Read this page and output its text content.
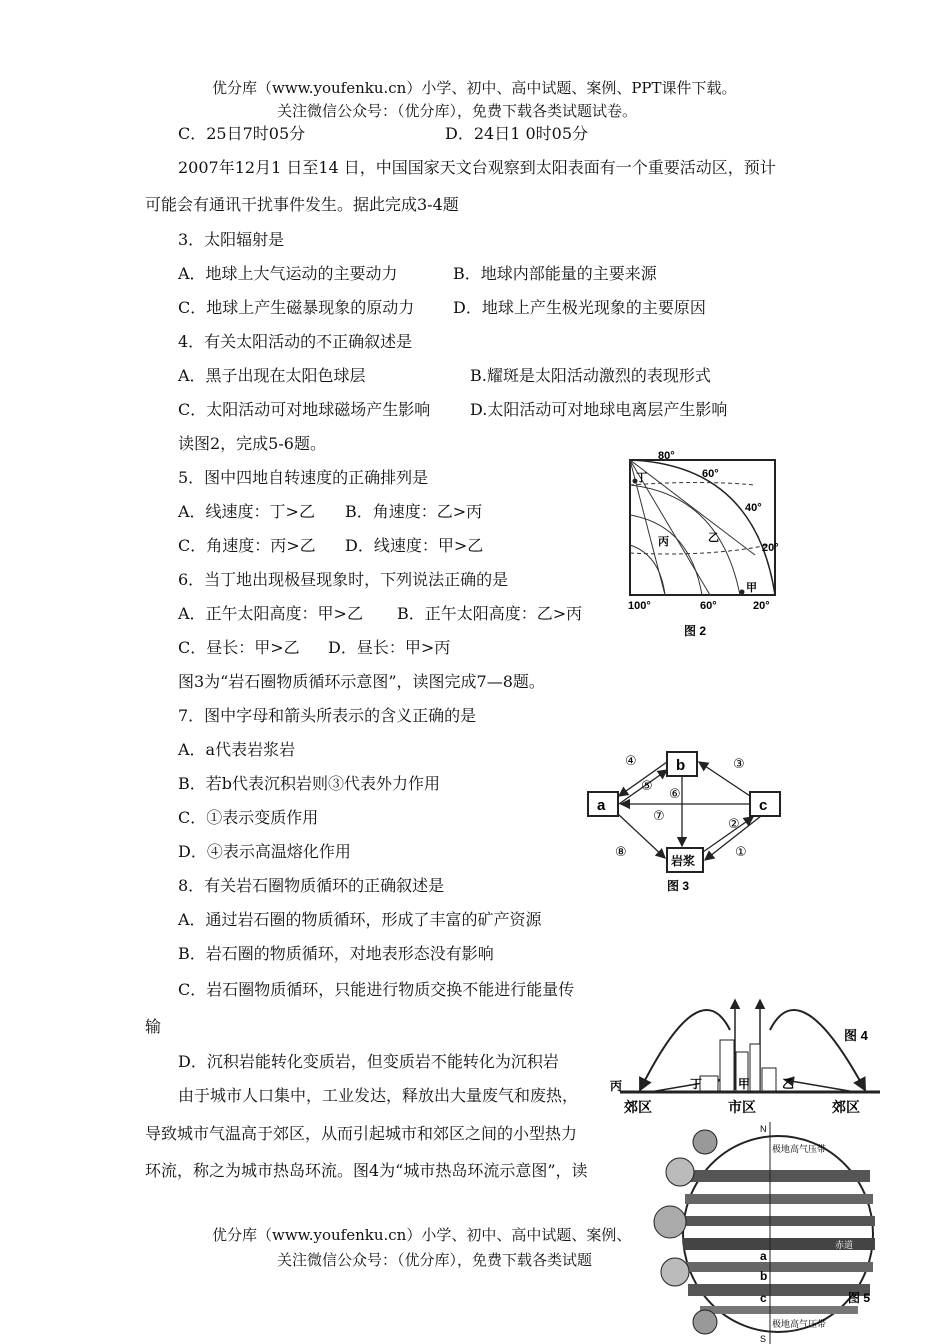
优分库（www.youfenku.cn）小学、初中、高中试题、案例、PPT课件下载。
关注微信公众号：（优分库），免费下载各类试题试卷。
C．25日7时05分	D．24日1 0时05分
2007年12月1 日至14 日，中国国家天文台观察到太阳表面有一个重要活动区，预计
可能会有通讯干扰事件发生。据此完成3-4题
3．太阳辐射是
A．地球上大气运动的主要动力	B．地球内部能量的主要来源
C．地球上产生磁暴现象的原动力 D．地球上产生极光现象的主要原因
4．有关太阳活动的不正确叙述是
A．黑子出现在太阳色球层	B.耀斑是太阳活动激烈的表现形式
C．太阳活动可对地球磁场产生影响 D.太阳活动可对地球电离层产生影响
读图2，完成5-6题。
5．图中四地自转速度的正确排列是
A．线速度：丁>乙 B．角速度：乙>丙
C．角速度：丙>乙 D．线速度：甲>乙
6．当丁地出现极昼现象时，下列说法正确的是
A．正午太阳高度：甲>乙 B．正午太阳高度：乙>丙
C．昼长：甲>乙 D．昼长：甲>丙
图3为“岩石圈物质循环示意图”，读图完成7—8题。
7．图中字母和箭头所表示的含义正确的是
A．a代表岩浆岩
B．若b代表沉积岩则③代表外力作用
C．①表示变质作用
D．④表示高温熔化作用
8．有关岩石圈物质循环的正确叙述是
A．通过岩石圈的物质循环，形成了丰富的矿产资源
B．岩石圈的物质循环，对地表形态没有影响
C．岩石圈物质循环，只能进行物质交换不能进行能量传
输
D．沉积岩能转化变质岩，但变质岩不能转化为沉积岩
由于城市人口集中，工业发达，释放出大量废气和废热，
导致城市气温高于郊区，从而引起城市和郊区之间的小型热力
环流，称之为城市热岛环流。图4为“城市热岛环流示意图”，读
优分库（www.youfenku.cn）小学、初中、高中试题、案例、
关注微信公众号：（优分库），免费下载各类试题
80°
60°
40°
20°
丁
丙	乙
甲
100°	60°	20°
图 2
a
b
c
岩浆
④
⑤
③
⑥
⑦
②
①
⑧
图 3
丙	丁	甲	乙
图 4
郊区	市区	郊区
N
极地高气压带
极地高气压带
S
60°
30°
赤道
a
b
c	图 5
